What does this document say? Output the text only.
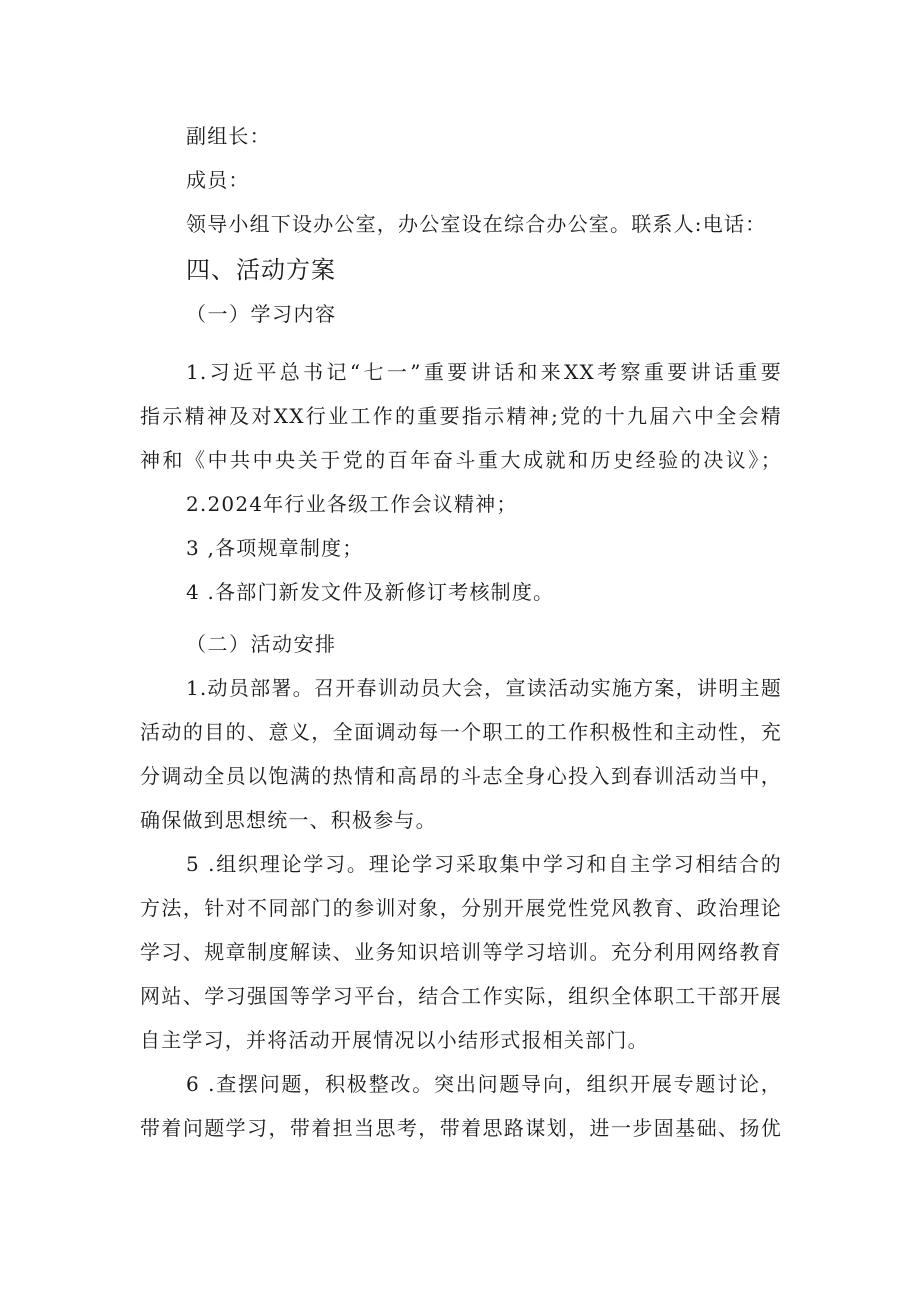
副组长：
成员：
领导小组下设办公室，办公室设在综合办公室。联系人:电话：
四、活动方案
（一）学习内容
1.习近平总书记“七一”重要讲话和来XX考察重要讲话重要
指示精神及对XX行业工作的重要指示精神;党的十九届六中全会精
神和《中共中央关于党的百年奋斗重大成就和历史经验的决议》；
2.2024年行业各级工作会议精神；
3 ,各项规章制度；
4 .各部门新发文件及新修订考核制度。
（二）活动安排
1.动员部署。召开春训动员大会，宣读活动实施方案，讲明主题
活动的目的、意义，全面调动每一个职工的工作积极性和主动性，充
分调动全员以饱满的热情和高昂的斗志全身心投入到春训活动当中，
确保做到思想统一、积极参与。
5 .组织理论学习。理论学习采取集中学习和自主学习相结合的
方法，针对不同部门的参训对象，分别开展党性党风教育、政治理论
学习、规章制度解读、业务知识培训等学习培训。充分利用网络教育
网站、学习强国等学习平台，结合工作实际，组织全体职工干部开展
自主学习，并将活动开展情况以小结形式报相关部门。
6 .查摆问题，积极整改。突出问题导向，组织开展专题讨论，
带着问题学习，带着担当思考，带着思路谋划，进一步固基础、扬优
